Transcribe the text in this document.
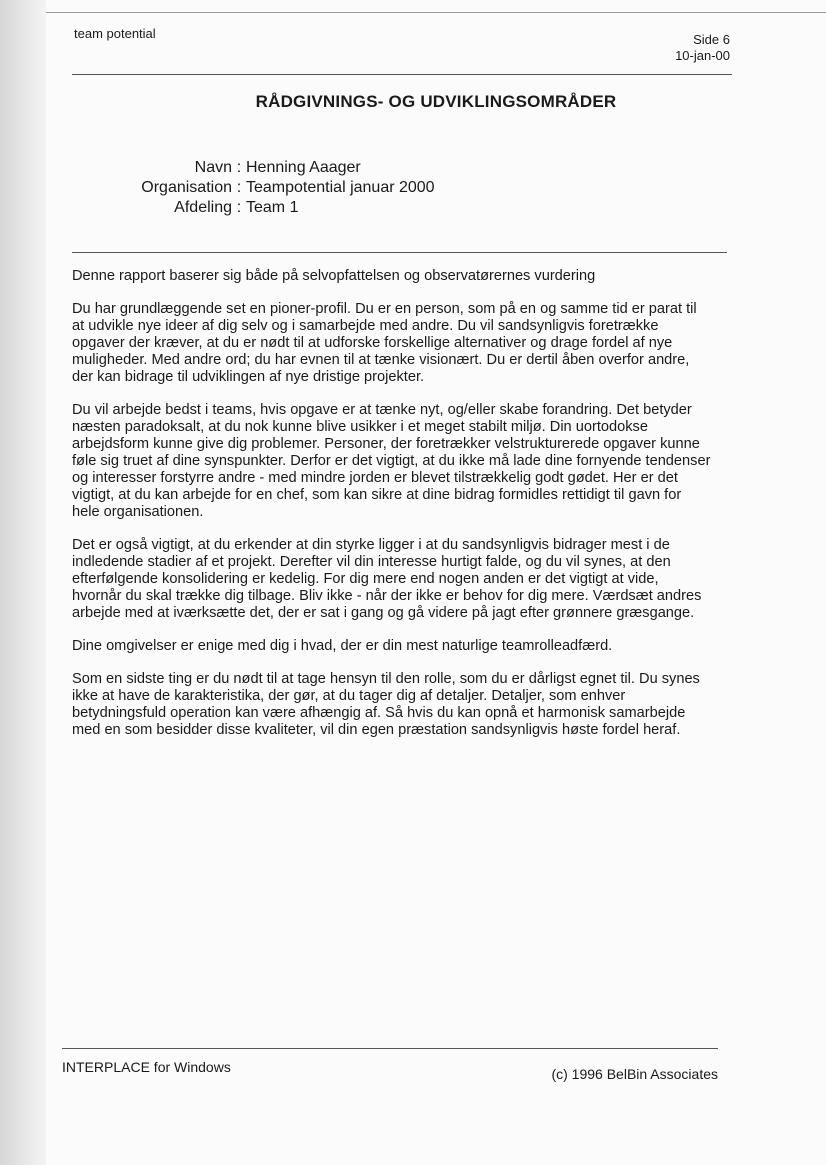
team potential	Side 6
10-jan-00
RÅDGIVNINGS- OG UDVIKLINGSOMRÅDER
Navn : Henning Aaager
Organisation : Teampotential januar 2000
Afdeling : Team 1

Denne rapport baserer sig både på selvopfattelsen og observatørernes vurdering

Du har grundlæggende set en pioner-profil. Du er en person, som på en og samme tid er parat til at udvikle nye ideer af dig selv og i samarbejde med andre. Du vil sandsynligvis foretrække opgaver der kræver, at du er nødt til at udforske forskellige alternativer og drage fordel af nye muligheder. Med andre ord; du har evnen til at tænke visionært. Du er dertil åben overfor andre, der kan bidrage til udviklingen af nye dristige projekter.

Du vil arbejde bedst i teams, hvis opgave er at tænke nyt, og/eller skabe forandring. Det betyder næsten paradoksalt, at du nok kunne blive usikker i et meget stabilt miljø. Din uortodokse arbejdsform kunne give dig problemer. Personer, der foretrækker velstrukturerede opgaver kunne føle sig truet af dine synspunkter. Derfor er det vigtigt, at du ikke må lade dine fornyende tendenser og interesser forstyrre andre - med mindre jorden er blevet tilstrækkelig godt gødet. Her er det vigtigt, at du kan arbejde for en chef, som kan sikre at dine bidrag formidles rettidigt til gavn for hele organisationen.

Det er også vigtigt, at du erkender at din styrke ligger i at du sandsynligvis bidrager mest i de indledende stadier af et projekt. Derefter vil din interesse hurtigt falde, og du vil synes, at den efterfølgende konsolidering er kedelig. For dig mere end nogen anden er det vigtigt at vide, hvornår du skal trække dig tilbage. Bliv ikke - når der ikke er behov for dig mere. Værdsæt andres arbejde med at iværksætte det, der er sat i gang og gå videre på jagt efter grønnere græsgange.

Dine omgivelser er enige med dig i hvad, der er din mest naturlige teamrolleadfærd.

Som en sidste ting er du nødt til at tage hensyn til den rolle, som du er dårligst egnet til. Du synes ikke at have de karakteristika, der gør, at du tager dig af detaljer. Detaljer, som enhver betydningsfuld operation kan være afhængig af. Så hvis du kan opnå et harmonisk samarbejde med en som besidder disse kvaliteter, vil din egen præstation sandsynligvis høste fordel heraf.

INTERPLACE for Windows	(c) 1996 BelBin Associates
